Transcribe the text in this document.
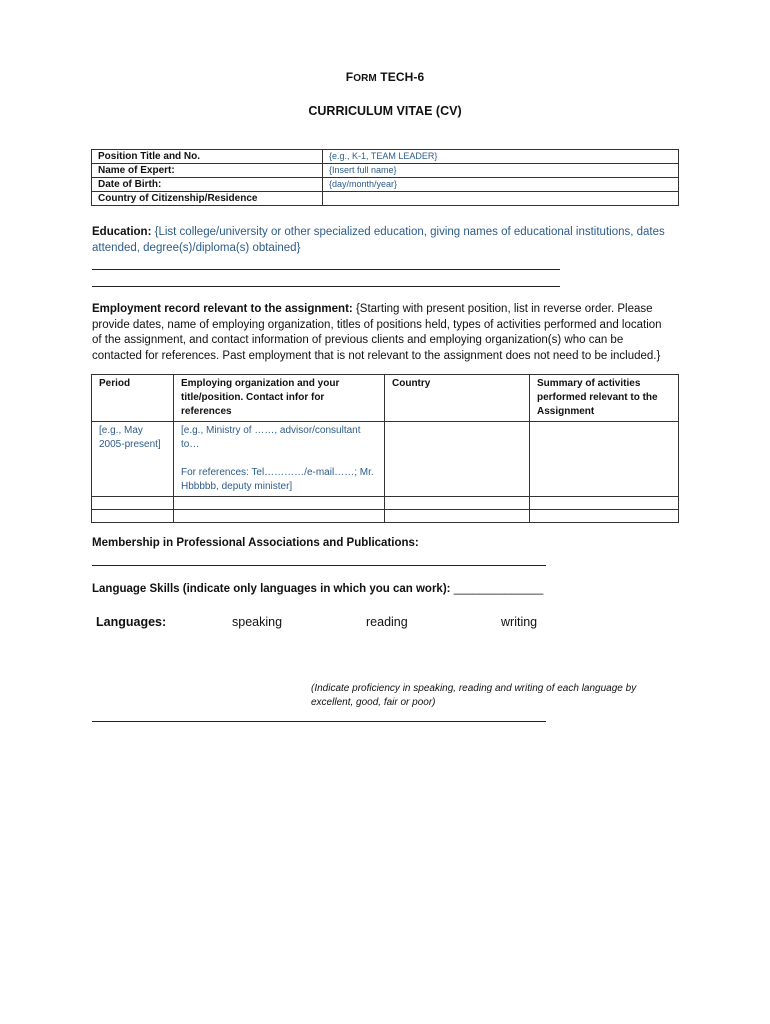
FORM TECH-6
CURRICULUM VITAE (CV)
Position Title and No.	{e.g., K-1, TEAM LEADER}
Name of Expert:	{Insert full name}
Date of Birth:	{day/month/year}
Country of Citizenship/Residence	
Education: {List college/university or other specialized education, giving names of educational institutions, dates
attended, degree(s)/diploma(s) obtained}
Employment record relevant to the assignment: {Starting with present position, list in reverse order. Please
provide dates, name of employing organization, titles of positions held, types of activities performed and location
of the assignment, and contact information of previous clients and employing organization(s) who can be
contacted for references. Past employment that is not relevant to the assignment does not need to be included.}
Period	Employing organization and your title/position. Contact infor for references	Country	Summary of activities performed relevant to the Assignment
[e.g., May 2005-present]	[e.g., Ministry of ……, advisor/consultant to…

For references: Tel…………/e-mail……; Mr. Hbbbbb, deputy minister]		

Membership in Professional Associations and Publications:
Language Skills (indicate only languages in which you can work): ______________
Languages:	speaking	reading	writing
(Indicate proficiency in speaking, reading and writing of each language by
excellent, good, fair or poor)
